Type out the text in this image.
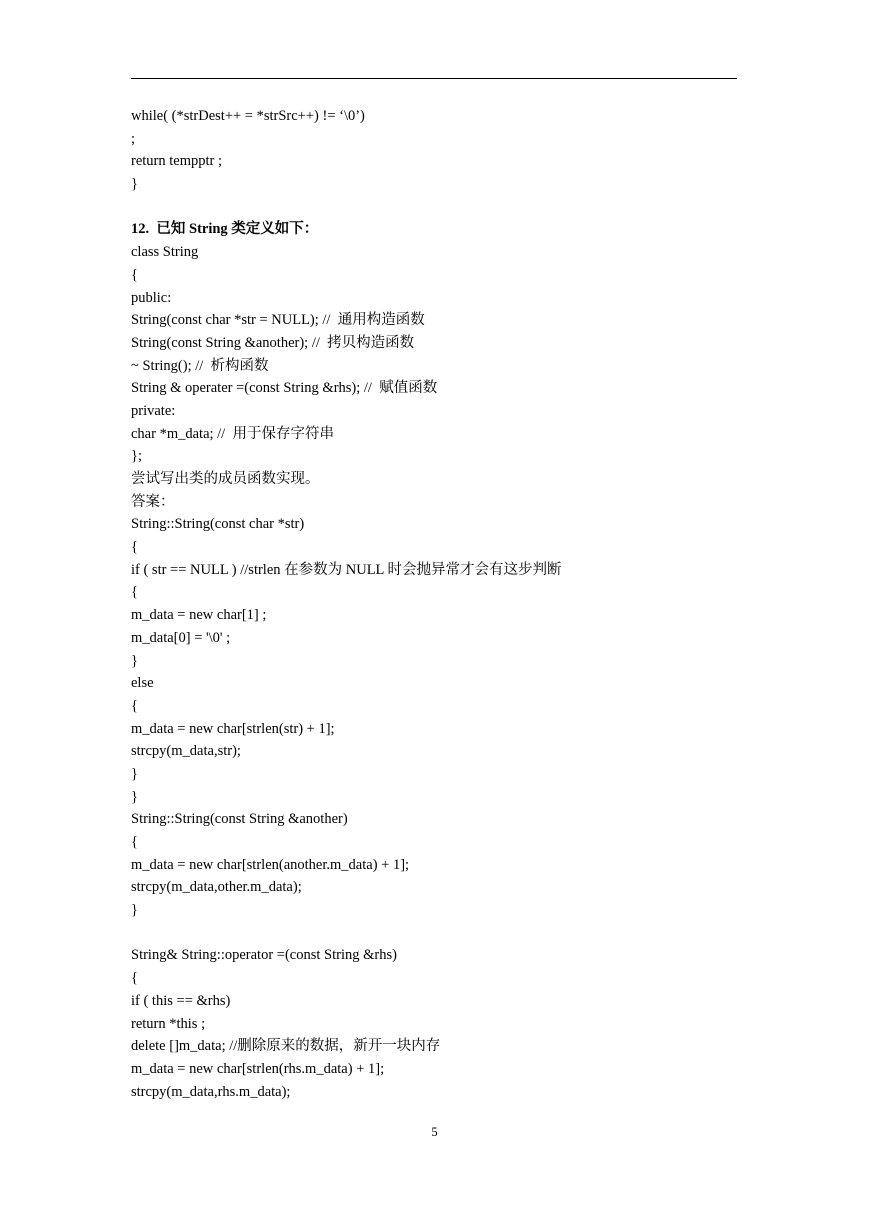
while( (*strDest++ = *strSrc++) != ‘\0’)
;
return tempptr ;
}
12.  已知 String 类定义如下：
class String
{
public:
String(const char *str = NULL); //  通用构造函数
String(const String &another); //  拷贝构造函数
~ String(); //  析构函数
String & operater =(const String &rhs); //  赋值函数
private:
char *m_data; //  用于保存字符串
};
尝试写出类的成员函数实现。
答案：
String::String(const char *str)
{
if ( str == NULL ) //strlen 在参数为 NULL 时会抛异常才会有这步判断
{
m_data = new char[1] ;
m_data[0] = '\0' ;
}
else
{
m_data = new char[strlen(str) + 1];
strcpy(m_data,str);
}
}
String::String(const String &another)
{
m_data = new char[strlen(another.m_data) + 1];
strcpy(m_data,other.m_data);
}
String& String::operator =(const String &rhs)
{
if ( this == &rhs)
return *this ;
delete []m_data; //删除原来的数据，新开一块内存
m_data = new char[strlen(rhs.m_data) + 1];
strcpy(m_data,rhs.m_data);
5
